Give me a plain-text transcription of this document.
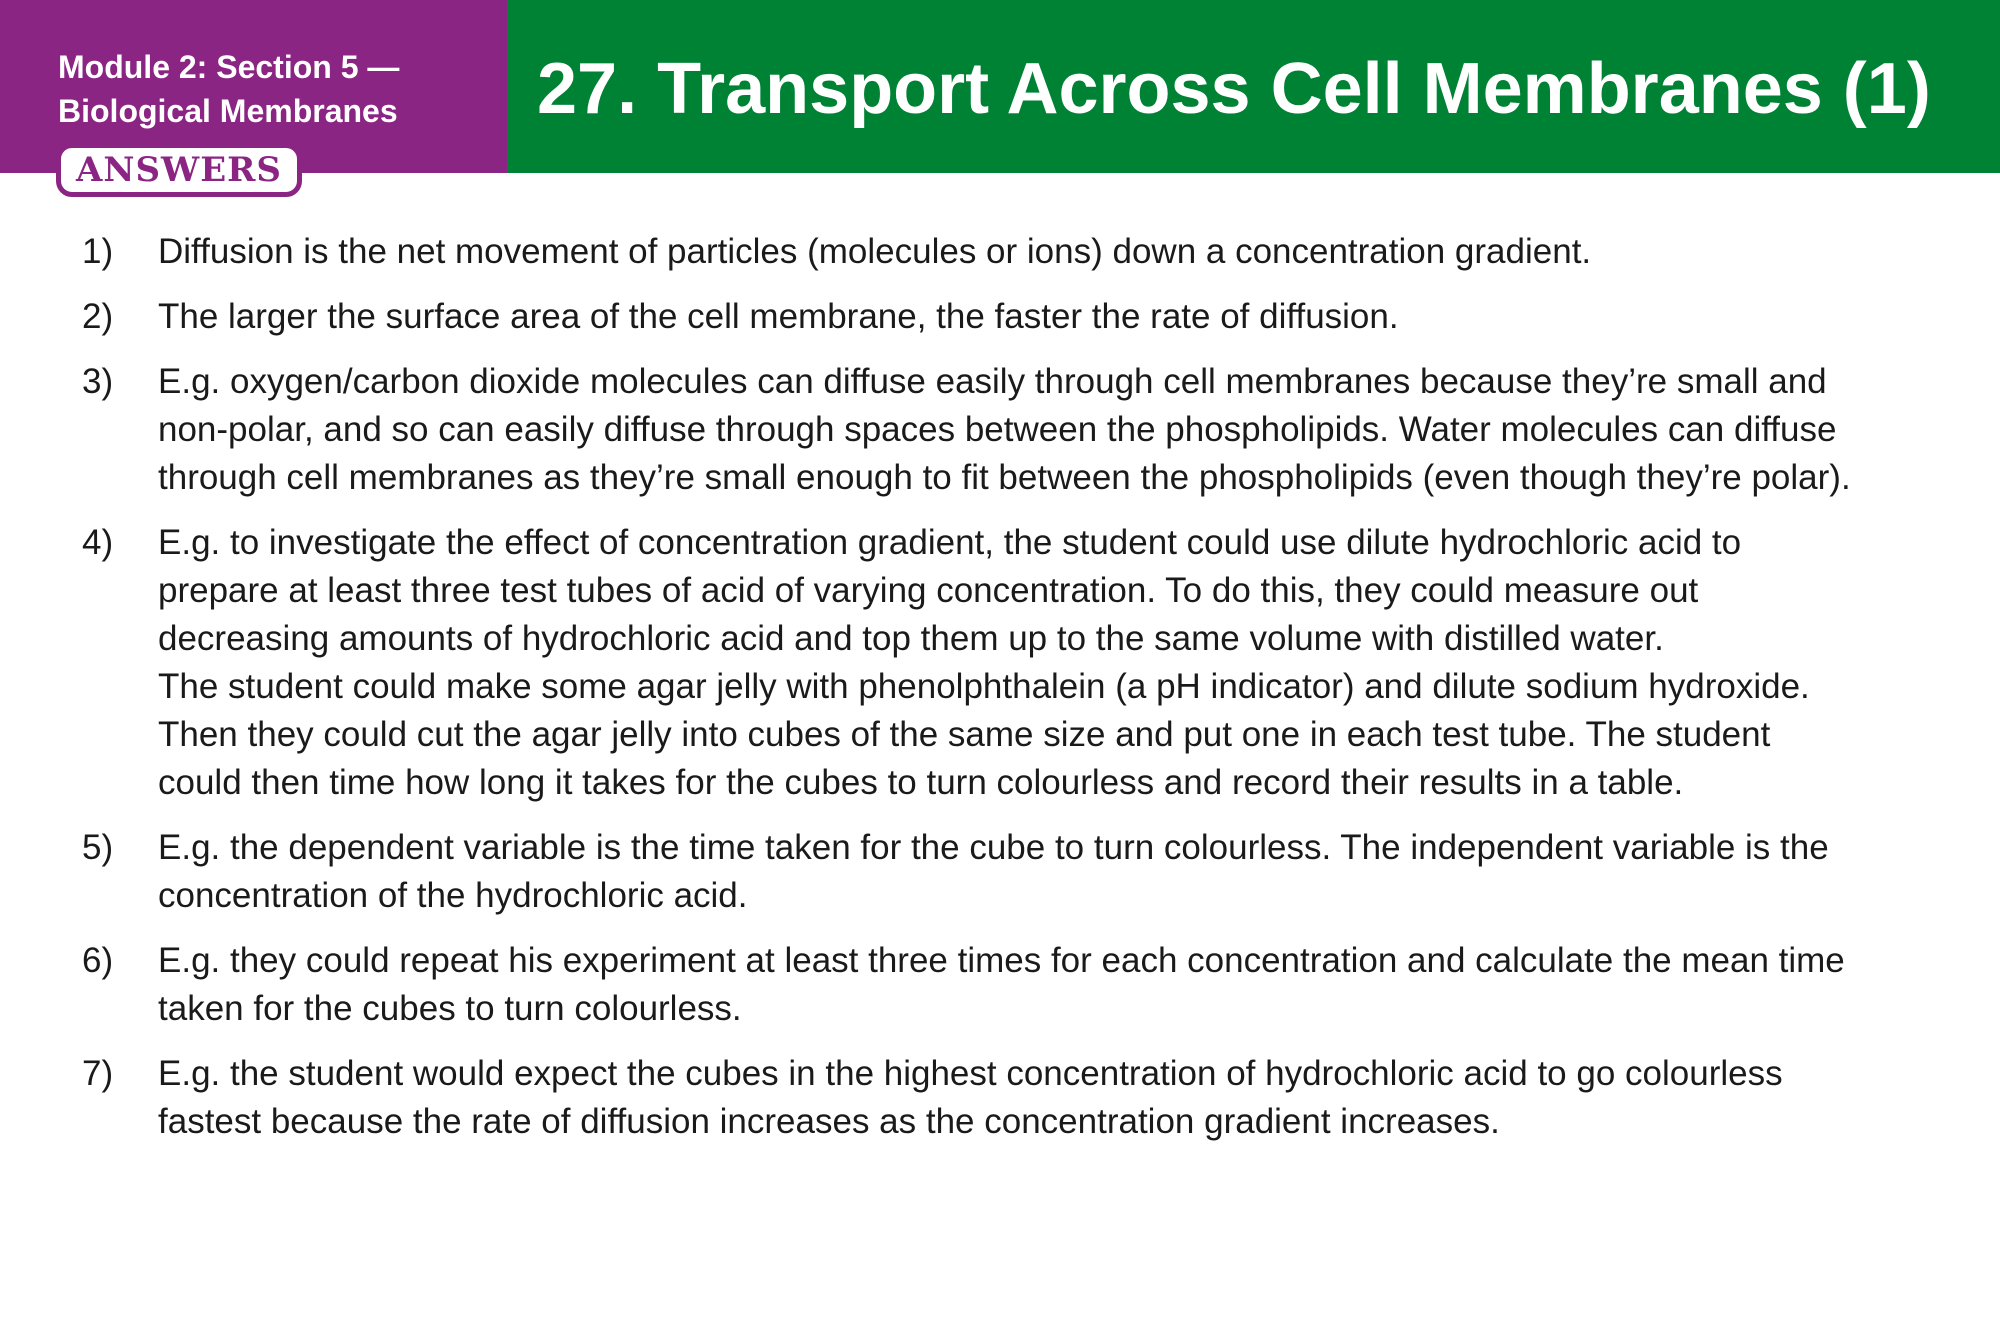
Module 2: Section 5 —
Biological Membranes

ANSWERS
27. Transport Across Cell Membranes (1)
1) Diffusion is the net movement of particles (molecules or ions) down a concentration gradient.
2) The larger the surface area of the cell membrane, the faster the rate of diffusion.
3) E.g. oxygen/carbon dioxide molecules can diffuse easily through cell membranes because they’re small and
non-polar, and so can easily diffuse through spaces between the phospholipids. Water molecules can diffuse
through cell membranes as they’re small enough to fit between the phospholipids (even though they’re polar).
4) E.g. to investigate the effect of concentration gradient, the student could use dilute hydrochloric acid to
prepare at least three test tubes of acid of varying concentration. To do this, they could measure out
decreasing amounts of hydrochloric acid and top them up to the same volume with distilled water.
The student could make some agar jelly with phenolphthalein (a pH indicator) and dilute sodium hydroxide.
Then they could cut the agar jelly into cubes of the same size and put one in each test tube. The student
could then time how long it takes for the cubes to turn colourless and record their results in a table.
5) E.g. the dependent variable is the time taken for the cube to turn colourless. The independent variable is the
concentration of the hydrochloric acid.
6) E.g. they could repeat his experiment at least three times for each concentration and calculate the mean time
taken for the cubes to turn colourless.
7) E.g. the student would expect the cubes in the highest concentration of hydrochloric acid to go colourless
fastest because the rate of diffusion increases as the concentration gradient increases.
